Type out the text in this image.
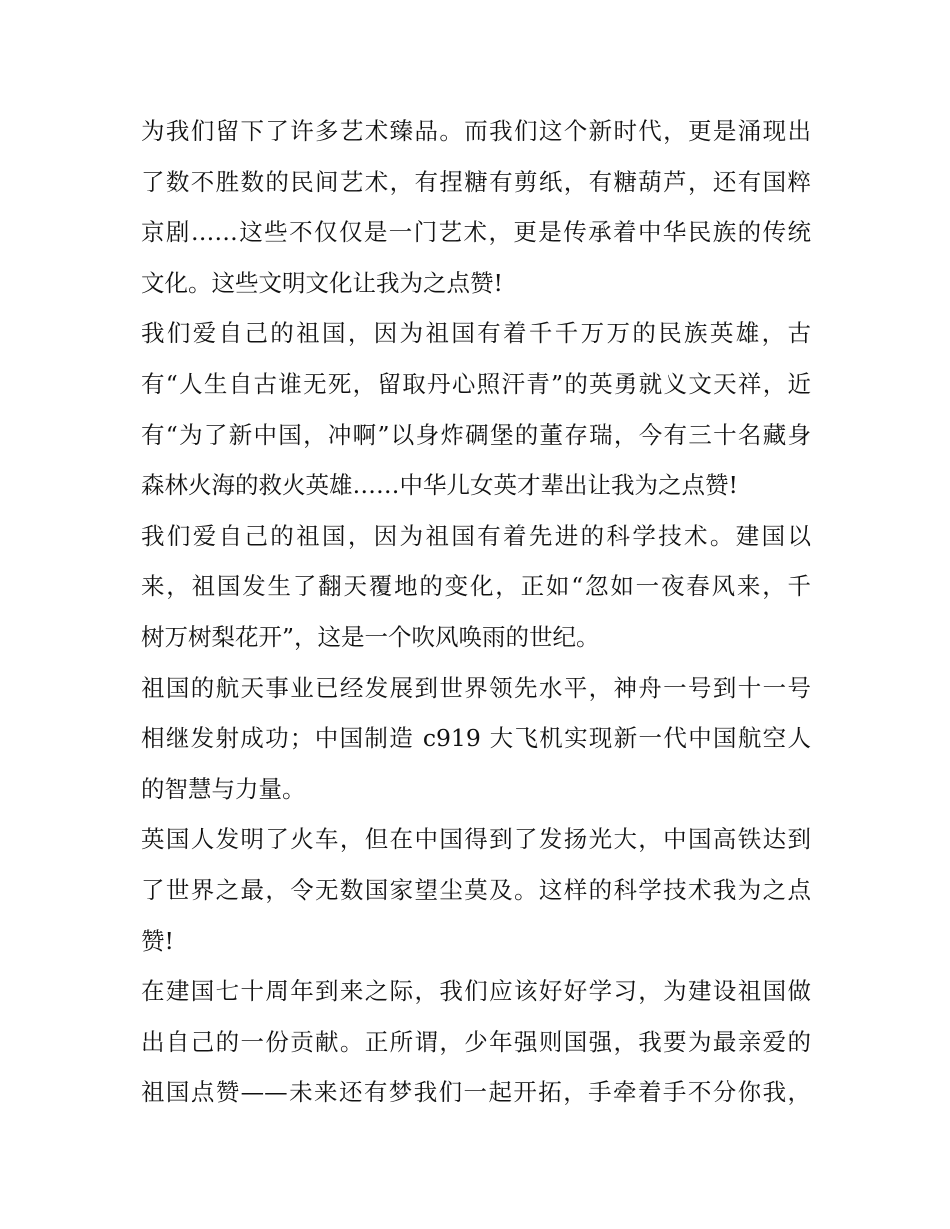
为我们留下了许多艺术臻品。而我们这个新时代，更是涌现出
了数不胜数的民间艺术，有捏糖有剪纸，有糖葫芦，还有国粹
京剧……这些不仅仅是一门艺术，更是传承着中华民族的传统
文化。这些文明文化让我为之点赞!
我们爱自己的祖国，因为祖国有着千千万万的民族英雄，古
有“人生自古谁无死，留取丹心照汗青”的英勇就义文天祥，近
有“为了新中国，冲啊”以身炸碉堡的董存瑞，今有三十名藏身
森林火海的救火英雄……中华儿女英才辈出让我为之点赞!
我们爱自己的祖国，因为祖国有着先进的科学技术。建国以
来，祖国发生了翻天覆地的变化，正如“忽如一夜春风来，千
树万树梨花开”，这是一个吹风唤雨的世纪。
祖国的航天事业已经发展到世界领先水平，神舟一号到十一号
相继发射成功；中国制造 c919 大飞机实现新一代中国航空人
的智慧与力量。
英国人发明了火车，但在中国得到了发扬光大，中国高铁达到
了世界之最，令无数国家望尘莫及。这样的科学技术我为之点
赞!
在建国七十周年到来之际，我们应该好好学习，为建设祖国做
出自己的一份贡献。正所谓，少年强则国强，我要为最亲爱的
祖国点赞——未来还有梦我们一起开拓，手牵着手不分你我，
